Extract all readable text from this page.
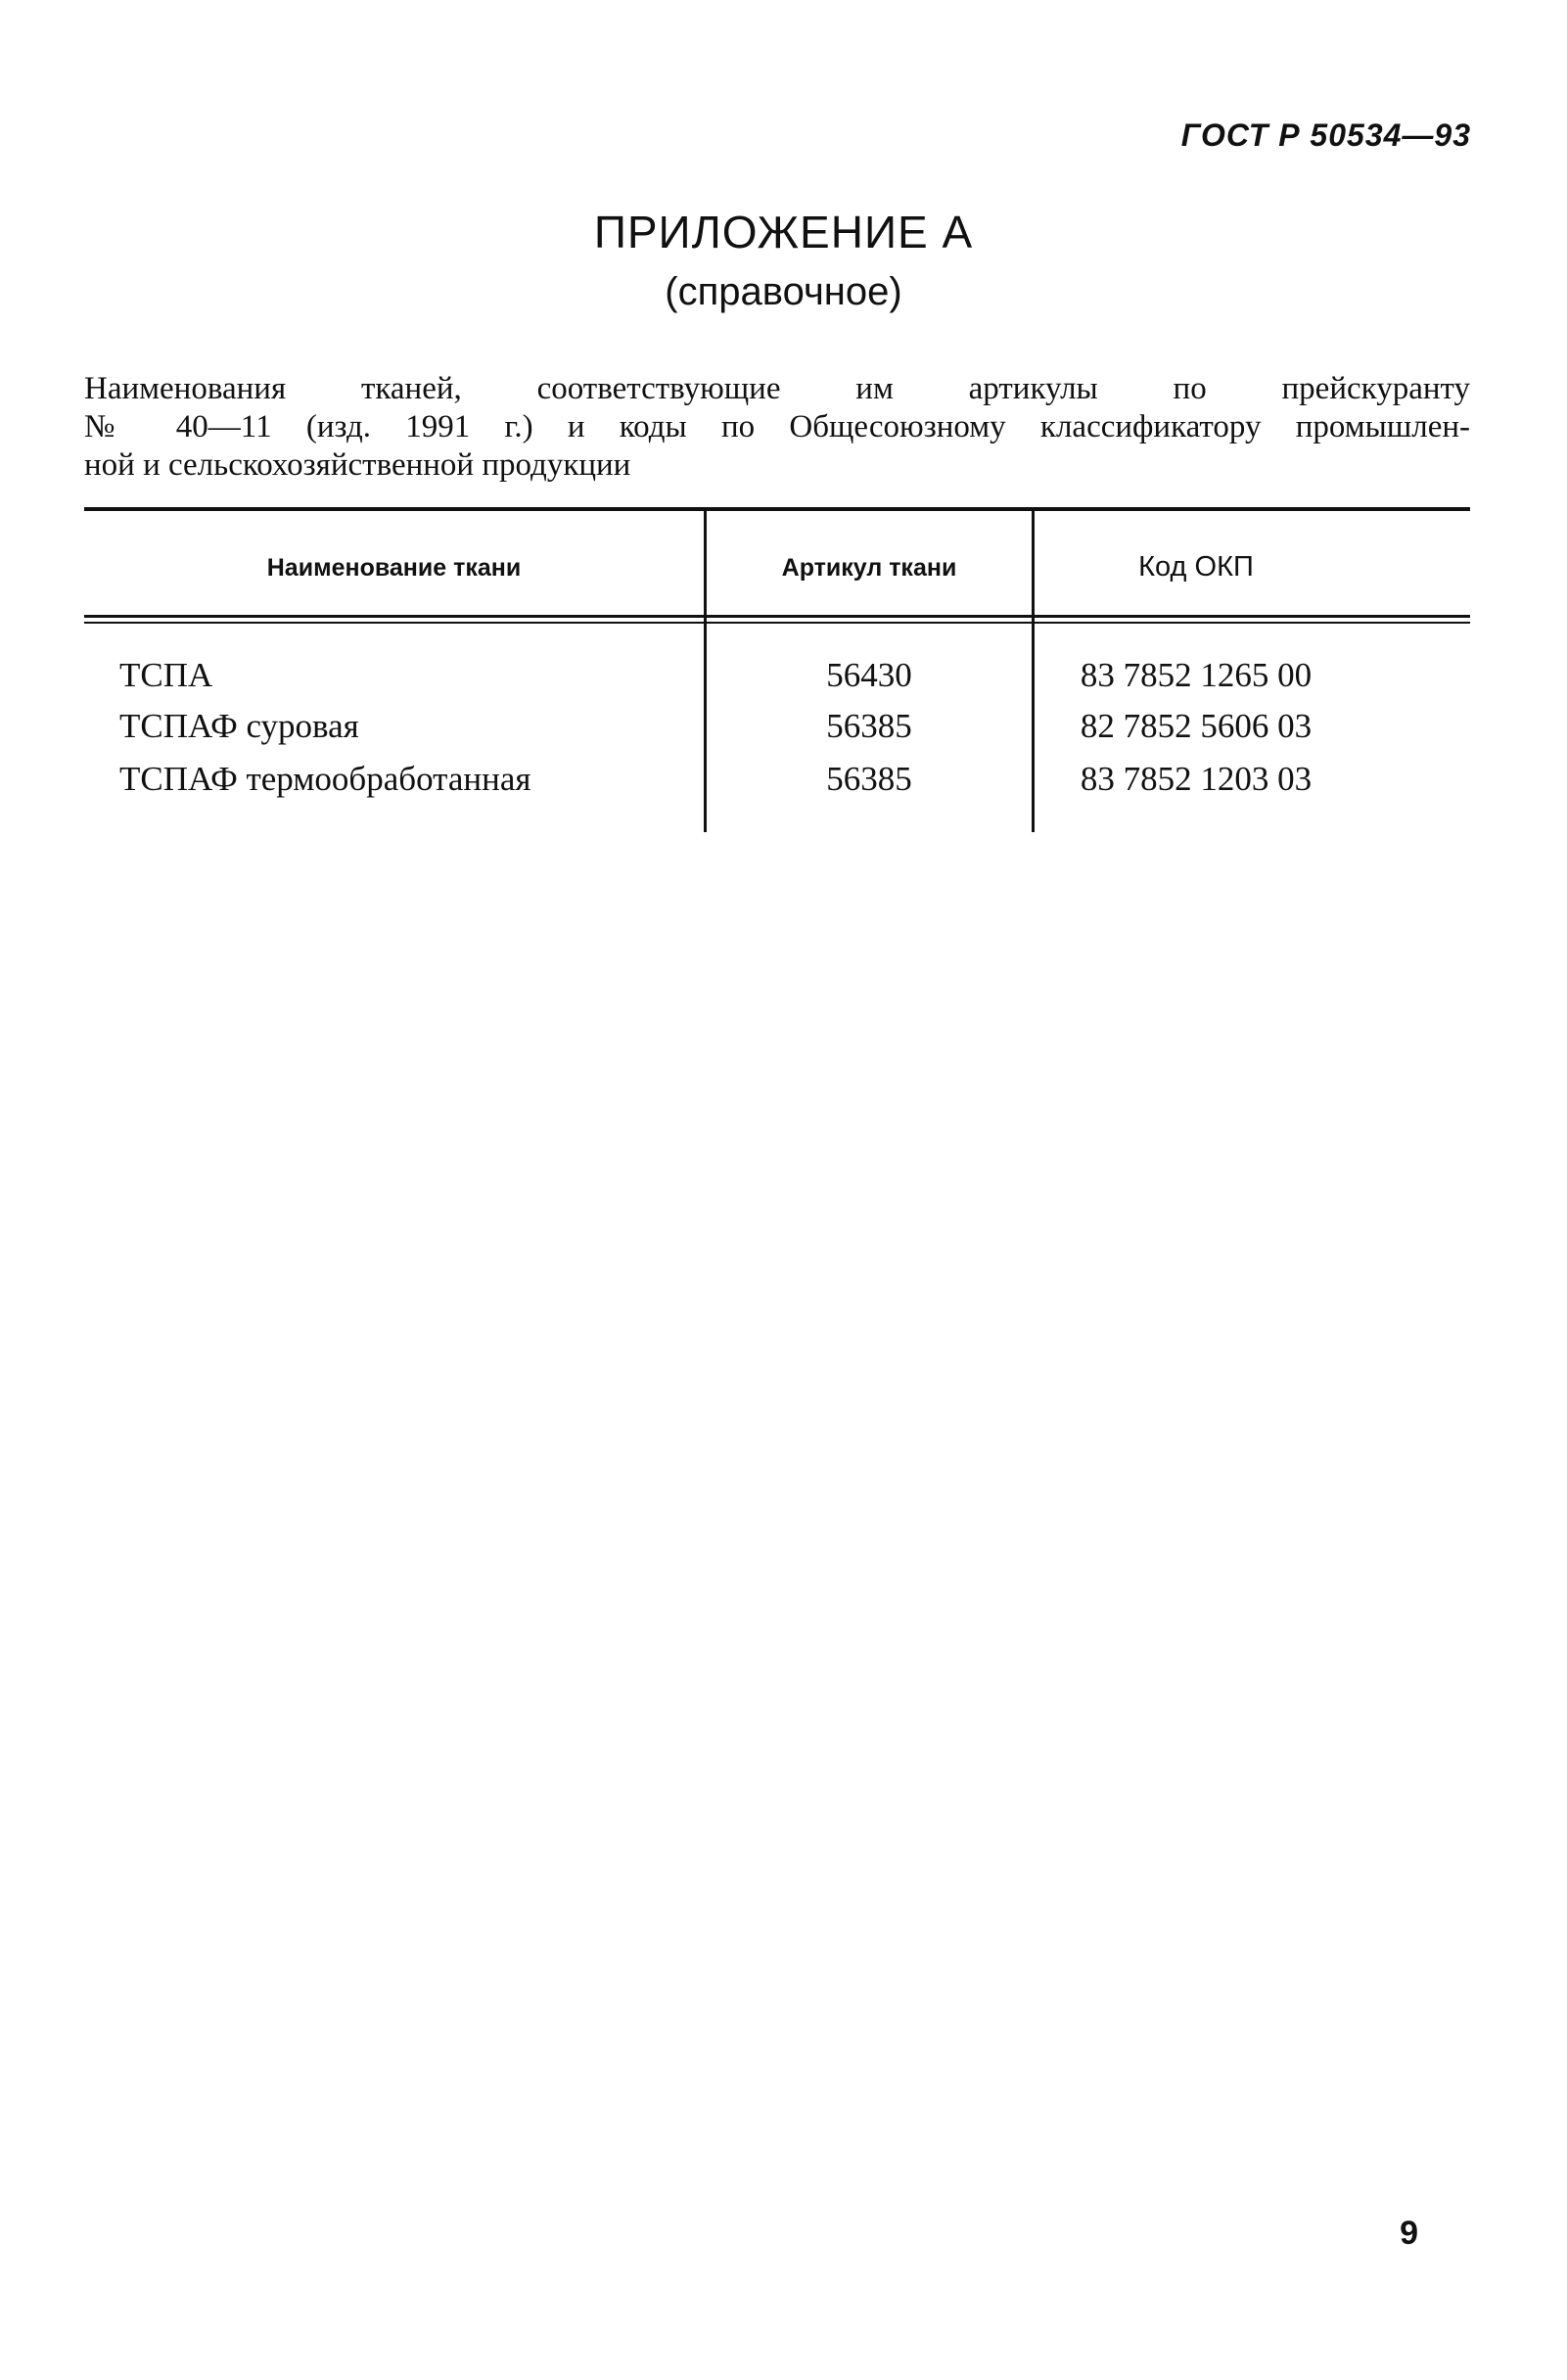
ГОСТ Р 50534—93
ПРИЛОЖЕНИЕ А
(справочное)
Наименования тканей, соответствующие им артикулы по прейскуранту
№ 40—11 (изд. 1991 г.) и коды по Общесоюзному классификатору промышлен-
ной и сельскохозяйственной продукции
Наименование ткани	Артикул ткани	Код ОКП
ТСПА	56430	83 7852 1265 00
ТСПАФ суровая	56385	82 7852 5606 03
ТСПАФ термообработанная	56385	83 7852 1203 03
9
